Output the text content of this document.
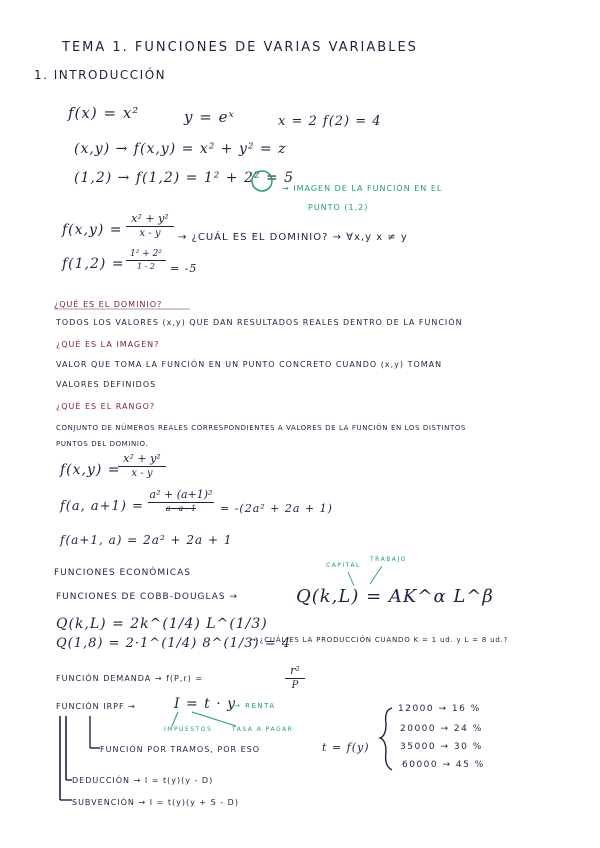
TEMA 1. FUNCIONES DE VARIAS VARIABLES
1. INTRODUCCIÓN
f(x) = x²	y = eˣ	x = 2 f(2) = 4
(x,y) → f(x,y) = x² + y² = z
(1,2) → f(1,2) = 1² + 2² = 5
→ IMAGEN DE LA FUNCIÓN EN EL
PUNTO (1,2)
f(x,y) =
x² + y²
x - y	→ ¿CUÁL ES EL DOMINIO? → ∀x,y x ≠ y
f(1,2) =
1² + 2²
1 - 2	= -5
¿QUÉ ES EL DOMINIO?
TODOS LOS VALORES (x,y) QUE DAN RESULTADOS REALES DENTRO DE LA FUNCIÓN
¿QUÉ ES LA IMAGEN?
VALOR QUE TOMA LA FUNCIÓN EN UN PUNTO CONCRETO CUANDO (x,y) TOMAN
VALORES DEFINIDOS
¿QUÉ ES EL RANGO?
CONJUNTO DE NÚMEROS REALES CORRESPONDIENTES A VALORES DE LA FUNCIÓN EN LOS DISTINTOS
PUNTOS DEL DOMINIO.
f(x,y) =
x² + y²
x - y
f(a, a+1) =
a² + (a+1)²
a - a - 1	= -(2a² + 2a + 1)
f(a+1, a) = 2a² + 2a + 1
FUNCIONES ECONÓMICAS
CAPITAL
TRABAJO
FUNCIONES DE COBB-DOUGLAS →	Q(k,L) = AK^α L^β
Q(k,L) = 2k^(1/4) L^(1/3)
Q(1,8) = 2·1^(1/4) 8^(1/3) = 4
→ ¿CUÁL ES LA PRODUCCIÓN CUANDO K = 1 ud. y L = 8 ud.?
FUNCIÓN DEMANDA → f(P,r) =
r²
P
FUNCIÓN IRPF →	I = t · y
→ RENTA
IMPUESTOS	TASA A PAGAR
FUNCIÓN POR TRAMOS, POR ESO	t = f(y)
DEDUCCIÓN → I = t(y)(y - D)
SUBVENCIÓN → I = t(y)(y + S - D)
12000 → 16 %
20000 → 24 %
35000 → 30 %
60000 → 45 %
